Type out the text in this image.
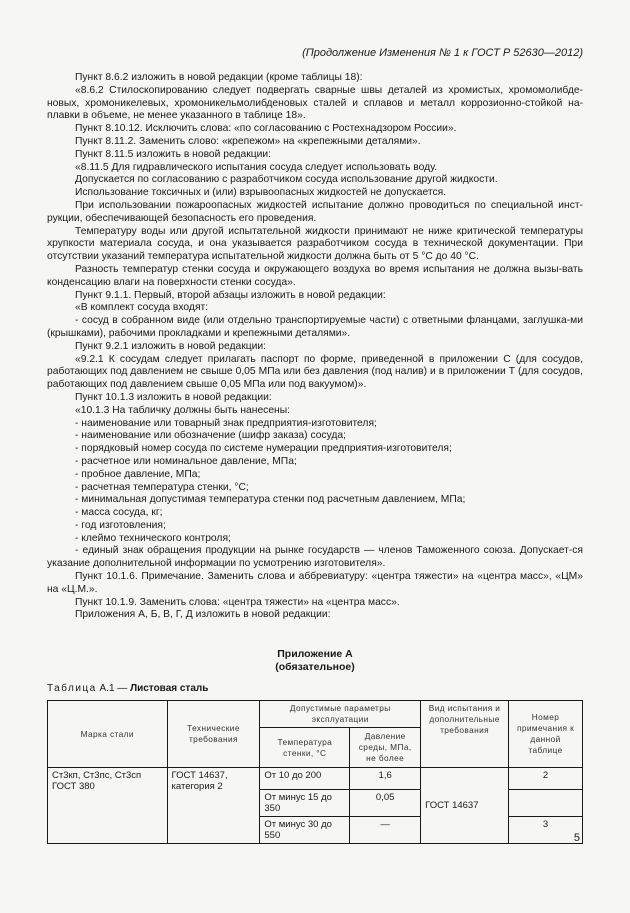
(Продолжение Изменения № 1 к ГОСТ Р 52630—2012)

Пункт 8.6.2 изложить в новой редакции (кроме таблицы 18):

«8.6.2 Стилоскопированию следует подвергать сварные швы деталей из хромистых, хромомолибде-новых, хромоникелевых, хромоникельмолибденовых сталей и сплавов и металл коррозионно-стойкой на-плавки в объеме, не менее указанного в таблице 18».

Пункт 8.10.12. Исключить слова: «по согласованию с Ростехнадзором России».

Пункт 8.11.2. Заменить слово: «крепежом» на «крепежными деталями».

Пункт 8.11.5 изложить в новой редакции:

«8.11.5 Для гидравлического испытания сосуда следует использовать воду.

Допускается по согласованию с разработчиком сосуда использование другой жидкости.

Использование токсичных и (или) взрывоопасных жидкостей не допускается.

При использовании пожароопасных жидкостей испытание должно проводиться по специальной инст-рукции, обеспечивающей безопасность его проведения.

Температуру воды или другой испытательной жидкости принимают не ниже критической температуры хрупкости материала сосуда, и она указывается разработчиком сосуда в технической документации. При отсутствии указаний температура испытательной жидкости должна быть от 5 °С до 40 °С.

Разность температур стенки сосуда и окружающего воздуха во время испытания не должна вызы-вать конденсацию влаги на поверхности стенки сосуда».

Пункт 9.1.1. Первый, второй абзацы изложить в новой редакции:

«В комплект сосуда входят:

- сосуд в собранном виде (или отдельно транспортируемые части) с ответными фланцами, заглушка-ми (крышками), рабочими прокладками и крепежными деталями».

Пункт 9.2.1 изложить в новой редакции:

«9.2.1 К сосудам следует прилагать паспорт по форме, приведенной в приложении С (для сосудов, работающих под давлением не свыше 0,05 МПа или без давления (под налив) и в приложении Т (для сосудов, работающих под давлением свыше 0,05 МПа или под вакуумом)».

Пункт 10.1.3 изложить в новой редакции:

«10.1.3 На табличку должны быть нанесены:

- наименование или товарный знак предприятия-изготовителя;

- наименование или обозначение (шифр заказа) сосуда;

- порядковый номер сосуда по системе нумерации предприятия-изготовителя;

- расчетное или номинальное давление, МПа;

- пробное давление, МПа;

- расчетная температура стенки, °С;

- минимальная допустимая температура стенки под расчетным давлением, МПа;

- масса сосуда, кг;

- год изготовления;

- клеймо технического контроля;

- единый знак обращения продукции на рынке государств — членов Таможенного союза. Допускает-ся указание дополнительной информации по усмотрению изготовителя».

Пункт 10.1.6. Примечание. Заменить слова и аббревиатуру: «центра тяжести» на «центра масс», «ЦМ» на «Ц.М.».

Пункт 10.1.9. Заменить слова: «центра тяжести» на «центра масс».

Приложения А, Б, В, Г, Д изложить в новой редакции:

Приложение А
(обязательное)
Таблица А.1 — Листовая сталь
Марка стали	Технические требования	Допустимые параметры эксплуатации		Вид испытания и дополнительные требования	Номер примечания к данной таблице
		Температура стенки, °С	Давление среды, МПа, не более		
Ст3кп, Ст3пс, Ст3сп ГОСТ 380	ГОСТ 14637, категория 2	От 10 до 200	1,6	ГОСТ 14637	2
		От минус 15 до 350	0,05		
		От минус 30 до 550	—		3
5
